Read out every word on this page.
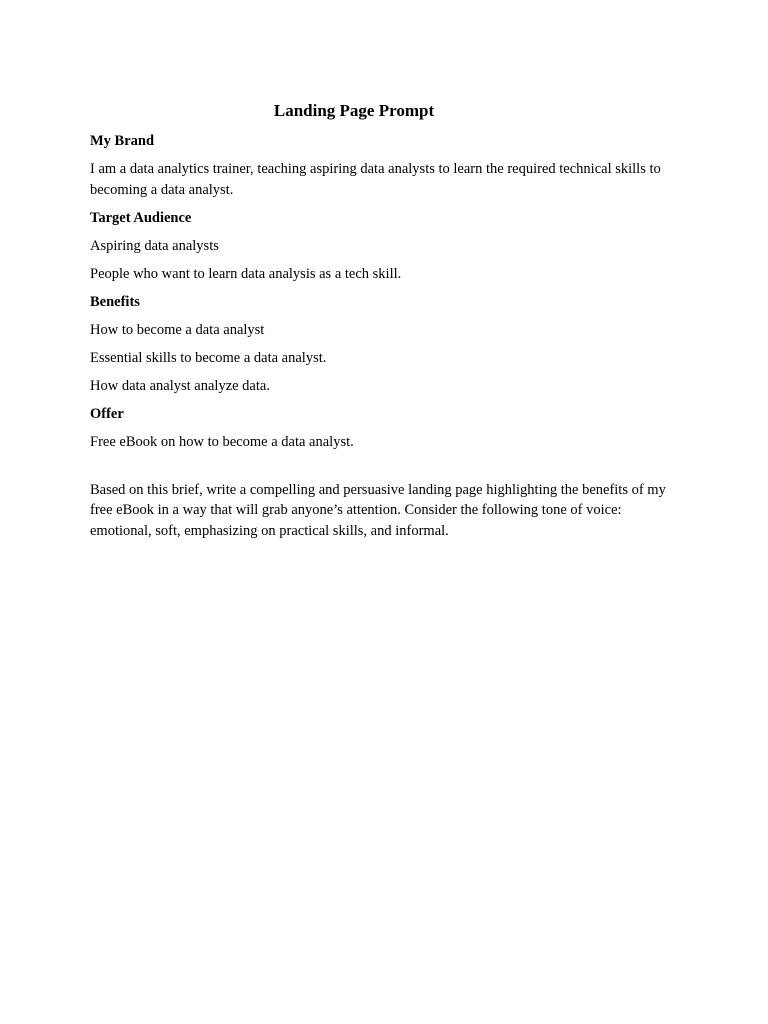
Landing Page Prompt

My Brand

I am a data analytics trainer, teaching aspiring data analysts to learn the required technical skills to becoming a data analyst.

Target Audience

Aspiring data analysts

People who want to learn data analysis as a tech skill.

Benefits

How to become a data analyst

Essential skills to become a data analyst.

How data analyst analyze data.

Offer

Free eBook on how to become a data analyst.

Based on this brief, write a compelling and persuasive landing page highlighting the benefits of my free eBook in a way that will grab anyone’s attention. Consider the following tone of voice: emotional, soft, emphasizing on practical skills, and informal.
